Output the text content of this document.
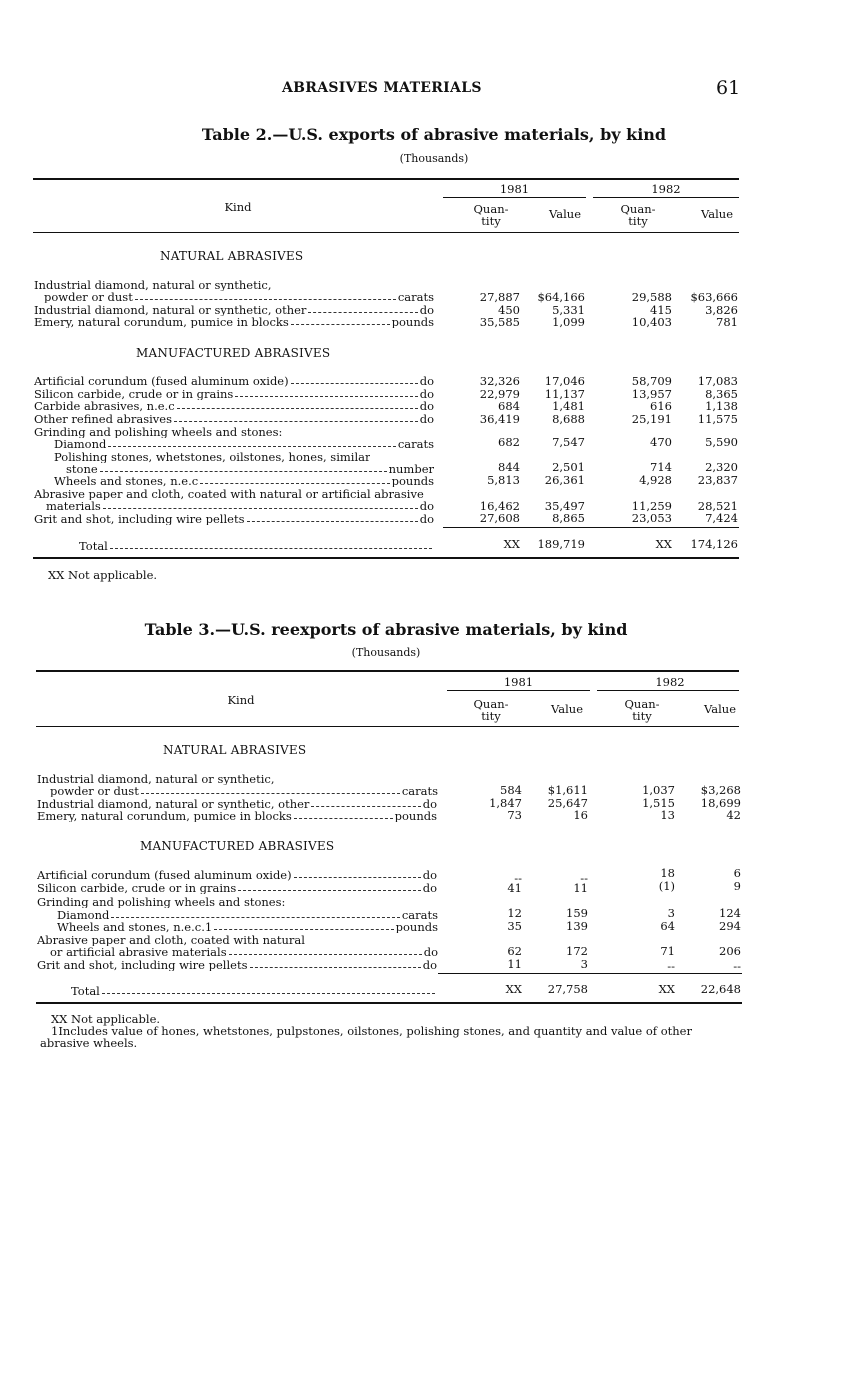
ABRASIVES MATERIALS	61
Table 2.—U.S. exports of abrasive materials, by kind
(Thousands)
Kind
1981	1982
Quan-
tity	Value	Quan-
tity	Value
NATURAL ABRASIVES
Industrial diamond, natural or synthetic,
powder or dust	carats	27,887	$64,166	29,588	$63,666
Industrial diamond, natural or synthetic, other	do	450	5,331	415	3,826
Emery, natural corundum, pumice in blocks	pounds	35,585	1,099	10,403	781
MANUFACTURED ABRASIVES
Artificial corundum (fused aluminum oxide)	do	32,326	17,046	58,709	17,083
Silicon carbide, crude or in grains	do	22,979	11,137	13,957	8,365
Carbide abrasives, n.e.c	do	684	1,481	616	1,138
Other refined abrasives	do	36,419	8,688	25,191	11,575
Grinding and polishing wheels and stones:
Diamond	carats	682	7,547	470	5,590
Polishing stones, whetstones, oilstones, hones, similar
stone	number	844	2,501	714	2,320
Wheels and stones, n.e.c	pounds	5,813	26,361	4,928	23,837
Abrasive paper and cloth, coated with natural or artificial abrasive
materials	do	16,462	35,497	11,259	28,521
Grit and shot, including wire pellets	do	27,608	8,865	23,053	7,424
Total	XX	189,719	XX	174,126
XX Not applicable.
Table 3.—U.S. reexports of abrasive materials, by kind
(Thousands)
Kind
1981	1982
Quan-
tity	Value	Quan-
tity	Value
NATURAL ABRASIVES
Industrial diamond, natural or synthetic,
powder or dust	carats	584	$1,611	1,037	$3,268
Industrial diamond, natural or synthetic, other	do	1,847	25,647	1,515	18,699
Emery, natural corundum, pumice in blocks	pounds	73	16	13	42
MANUFACTURED ABRASIVES
Artificial corundum (fused aluminum oxide)	do	--	--	18	6
Silicon carbide, crude or in grains	do	41	11	(1)	9
Grinding and polishing wheels and stones:
Diamond	carats	12	159	3	124
Wheels and stones, n.e.c.1	pounds	35	139	64	294
Abrasive paper and cloth, coated with natural
or artificial abrasive materials	do	62	172	71	206
Grit and shot, including wire pellets	do	11	3	--	--
Total	XX	27,758	XX	22,648
XX Not applicable.
1Includes value of hones, whetstones, pulpstones, oilstones, polishing stones, and quantity and value of other abrasive wheels.
